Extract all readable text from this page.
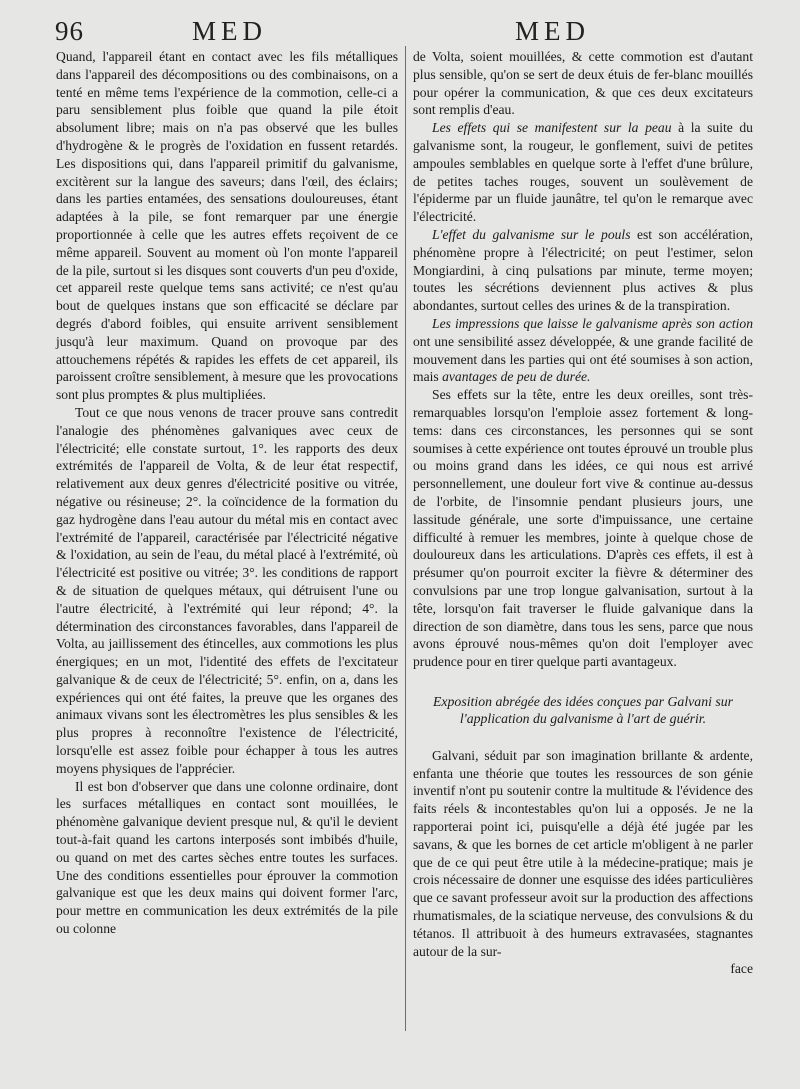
96	MED	MED

Quand, l'appareil étant en contact avec les fils métalliques dans l'appareil des décompositions ou des combinaisons, on a tenté en même tems l'expérience de la commotion, celle-ci a paru sensiblement plus foible que quand la pile étoit absolument libre; mais on n'a pas observé que les bulles d'hydrogène & le progrès de l'oxidation en fussent retardés. Les dispositions qui, dans l'appareil primitif du galvanisme, excitèrent sur la langue des saveurs; dans l'œil, des éclairs; dans les parties entamées, des sensations douloureuses, étant adaptées à la pile, se font remarquer par une énergie proportionnée à celle que les autres effets reçoivent de ce même appareil. Souvent au moment où l'on monte l'appareil de la pile, surtout si les disques sont couverts d'un peu d'oxide, cet appareil reste quelque tems sans activité; ce n'est qu'au bout de quelques instans que son efficacité se déclare par degrés d'abord foibles, qui ensuite arrivent sensiblement jusqu'à leur maximum. Quand on provoque par des attouchemens répétés & rapides les effets de cet appareil, ils paroissent croître sensiblement, à mesure que les provocations sont plus promptes & plus multipliées.

Tout ce que nous venons de tracer prouve sans contredit l'analogie des phénomènes galvaniques avec ceux de l'électricité; elle constate surtout, 1°. les rapports des deux extrémités de l'appareil de Volta, & de leur état respectif, relativement aux deux genres d'électricité positive ou vitrée, négative ou résineuse; 2°. la coïncidence de la formation du gaz hydrogène dans l'eau autour du métal mis en contact avec l'extrémité de l'appareil, caractérisée par l'électricité négative & l'oxidation, au sein de l'eau, du métal placé à l'extrémité, où l'électricité est positive ou vitrée; 3°. les conditions de rapport & de situation de quelques métaux, qui détruisent l'une ou l'autre électricité, à l'extrémité qui leur répond; 4°. la détermination des circonstances favorables, dans l'appareil de Volta, au jaillissement des étincelles, aux commotions les plus énergiques; en un mot, l'identité des effets de l'excitateur galvanique & de ceux de l'électricité; 5°. enfin, on a, dans les expériences qui ont été faites, la preuve que les organes des animaux vivans sont les électromètres les plus sensibles & les plus propres à reconnoître l'existence de l'électricité, lorsqu'elle est assez foible pour échapper à tous les autres moyens physiques de l'apprécier.

Il est bon d'observer que dans une colonne ordinaire, dont les surfaces métalliques en contact sont mouillées, le phénomène galvanique devient presque nul, & qu'il le devient tout-à-fait quand les cartons interposés sont imbibés d'huile, ou quand on met des cartes sèches entre toutes les surfaces. Une des conditions essentielles pour éprouver la commotion galvanique est que les deux mains qui doivent former l'arc, pour mettre en communication les deux extrémités de la pile ou colonne

de Volta, soient mouillées, & cette commotion est d'autant plus sensible, qu'on se sert de deux étuis de fer-blanc mouillés pour opérer la communication, & que ces deux excitateurs sont remplis d'eau.

Les effets qui se manifestent sur la peau à la suite du galvanisme sont, la rougeur, le gonflement, suivi de petites ampoules semblables en quelque sorte à l'effet d'une brûlure, de petites taches rouges, souvent un soulèvement de l'épiderme par un fluide jaunâtre, tel qu'on le remarque avec l'électricité.

L'effet du galvanisme sur le pouls est son accélération, phénomène propre à l'électricité; on peut l'estimer, selon Mongiardini, à cinq pulsations par minute, terme moyen; toutes les sécrétions deviennent plus actives & plus abondantes, surtout celles des urines & de la transpiration.

Les impressions que laisse le galvanisme après son action ont une sensibilité assez développée, & une grande facilité de mouvement dans les parties qui ont été soumises à son action, mais avantages de peu de durée.

Ses effets sur la tête, entre les deux oreilles, sont très-remarquables lorsqu'on l'emploie assez fortement & long-tems: dans ces circonstances, les personnes qui se sont soumises à cette expérience ont toutes éprouvé un trouble plus ou moins grand dans les idées, ce qui nous est arrivé personnellement, une douleur fort vive & continue au-dessus de l'orbite, de l'insomnie pendant plusieurs jours, une lassitude générale, une sorte d'impuissance, une certaine difficulté à remuer les membres, jointe à quelque chose de douloureux dans les articulations. D'après ces effets, il est à présumer qu'on pourroit exciter la fièvre & déterminer des convulsions par une trop longue galvanisation, surtout à la tête, lorsqu'on fait traverser le fluide galvanique dans la direction de son diamètre, dans tous les sens, parce que nous avons éprouvé nous-mêmes qu'on doit l'employer avec prudence pour en tirer quelque parti avantageux.

Exposition abrégée des idées conçues par Galvani sur l'application du galvanisme à l'art de guérir.

Galvani, séduit par son imagination brillante & ardente, enfanta une théorie que toutes les ressources de son génie inventif n'ont pu soutenir contre la multitude & l'évidence des faits réels & incontestables qu'on lui a opposés. Je ne la rapporterai point ici, puisqu'elle a déjà été jugée par les savans, & que les bornes de cet article m'obligent à ne parler que de ce qui peut être utile à la médecine-pratique; mais je crois nécessaire de donner une esquisse des idées particulières que ce savant professeur avoit sur la production des affections rhumatismales, de la sciatique nerveuse, des convulsions & du tétanos. Il attribuoit à des humeurs extravasées, stagnantes autour de la sur-

face
